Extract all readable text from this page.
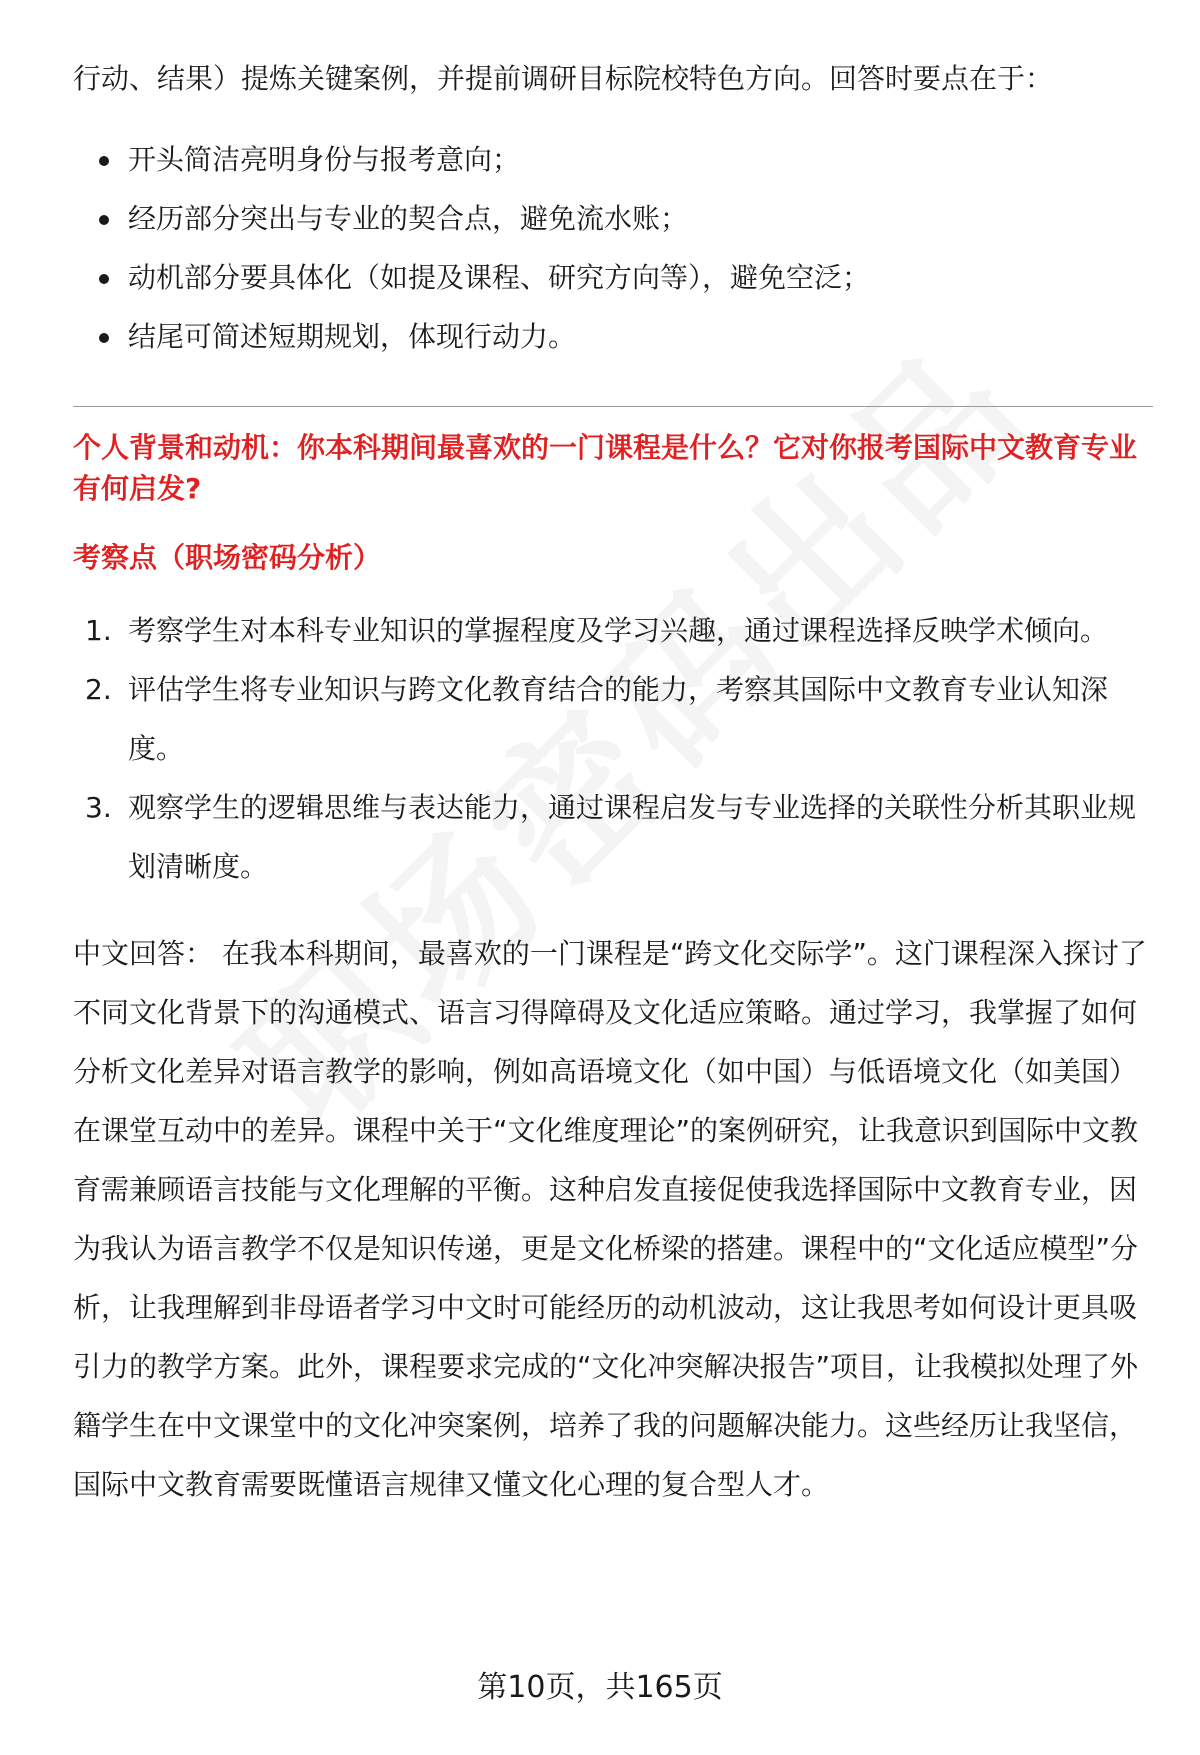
行动、结果）提炼关键案例，并提前调研目标院校特色方向。回答时要点在于：

开头简洁亮明身份与报考意向；
经历部分突出与专业的契合点，避免流水账；
动机部分要具体化（如提及课程、研究方向等），避免空泛；
结尾可简述短期规划，体现行动力。

个人背景和动机：你本科期间最喜欢的一门课程是什么？它对你报考国际中文教育专业有何启发?

考察点（职场密码分析）

1. 考察学生对本科专业知识的掌握程度及学习兴趣，通过课程选择反映学术倾向。
2. 评估学生将专业知识与跨文化教育结合的能力，考察其国际中文教育专业认知深度。
3. 观察学生的逻辑思维与表达能力，通过课程启发与专业选择的关联性分析其职业规划清晰度。

中文回答： 在我本科期间，最喜欢的一门课程是“跨文化交际学”。这门课程深入探讨了不同文化背景下的沟通模式、语言习得障碍及文化适应策略。通过学习，我掌握了如何分析文化差异对语言教学的影响，例如高语境文化（如中国）与低语境文化（如美国）在课堂互动中的差异。课程中关于“文化维度理论”的案例研究，让我意识到国际中文教育需兼顾语言技能与文化理解的平衡。这种启发直接促使我选择国际中文教育专业，因为我认为语言教学不仅是知识传递，更是文化桥梁的搭建。课程中的“文化适应模型”分析，让我理解到非母语者学习中文时可能经历的动机波动，这让我思考如何设计更具吸引力的教学方案。此外，课程要求完成的“文化冲突解决报告”项目，让我模拟处理了外籍学生在中文课堂中的文化冲突案例，培养了我的问题解决能力。这些经历让我坚信，国际中文教育需要既懂语言规律又懂文化心理的复合型人才。

第10页，共165页
